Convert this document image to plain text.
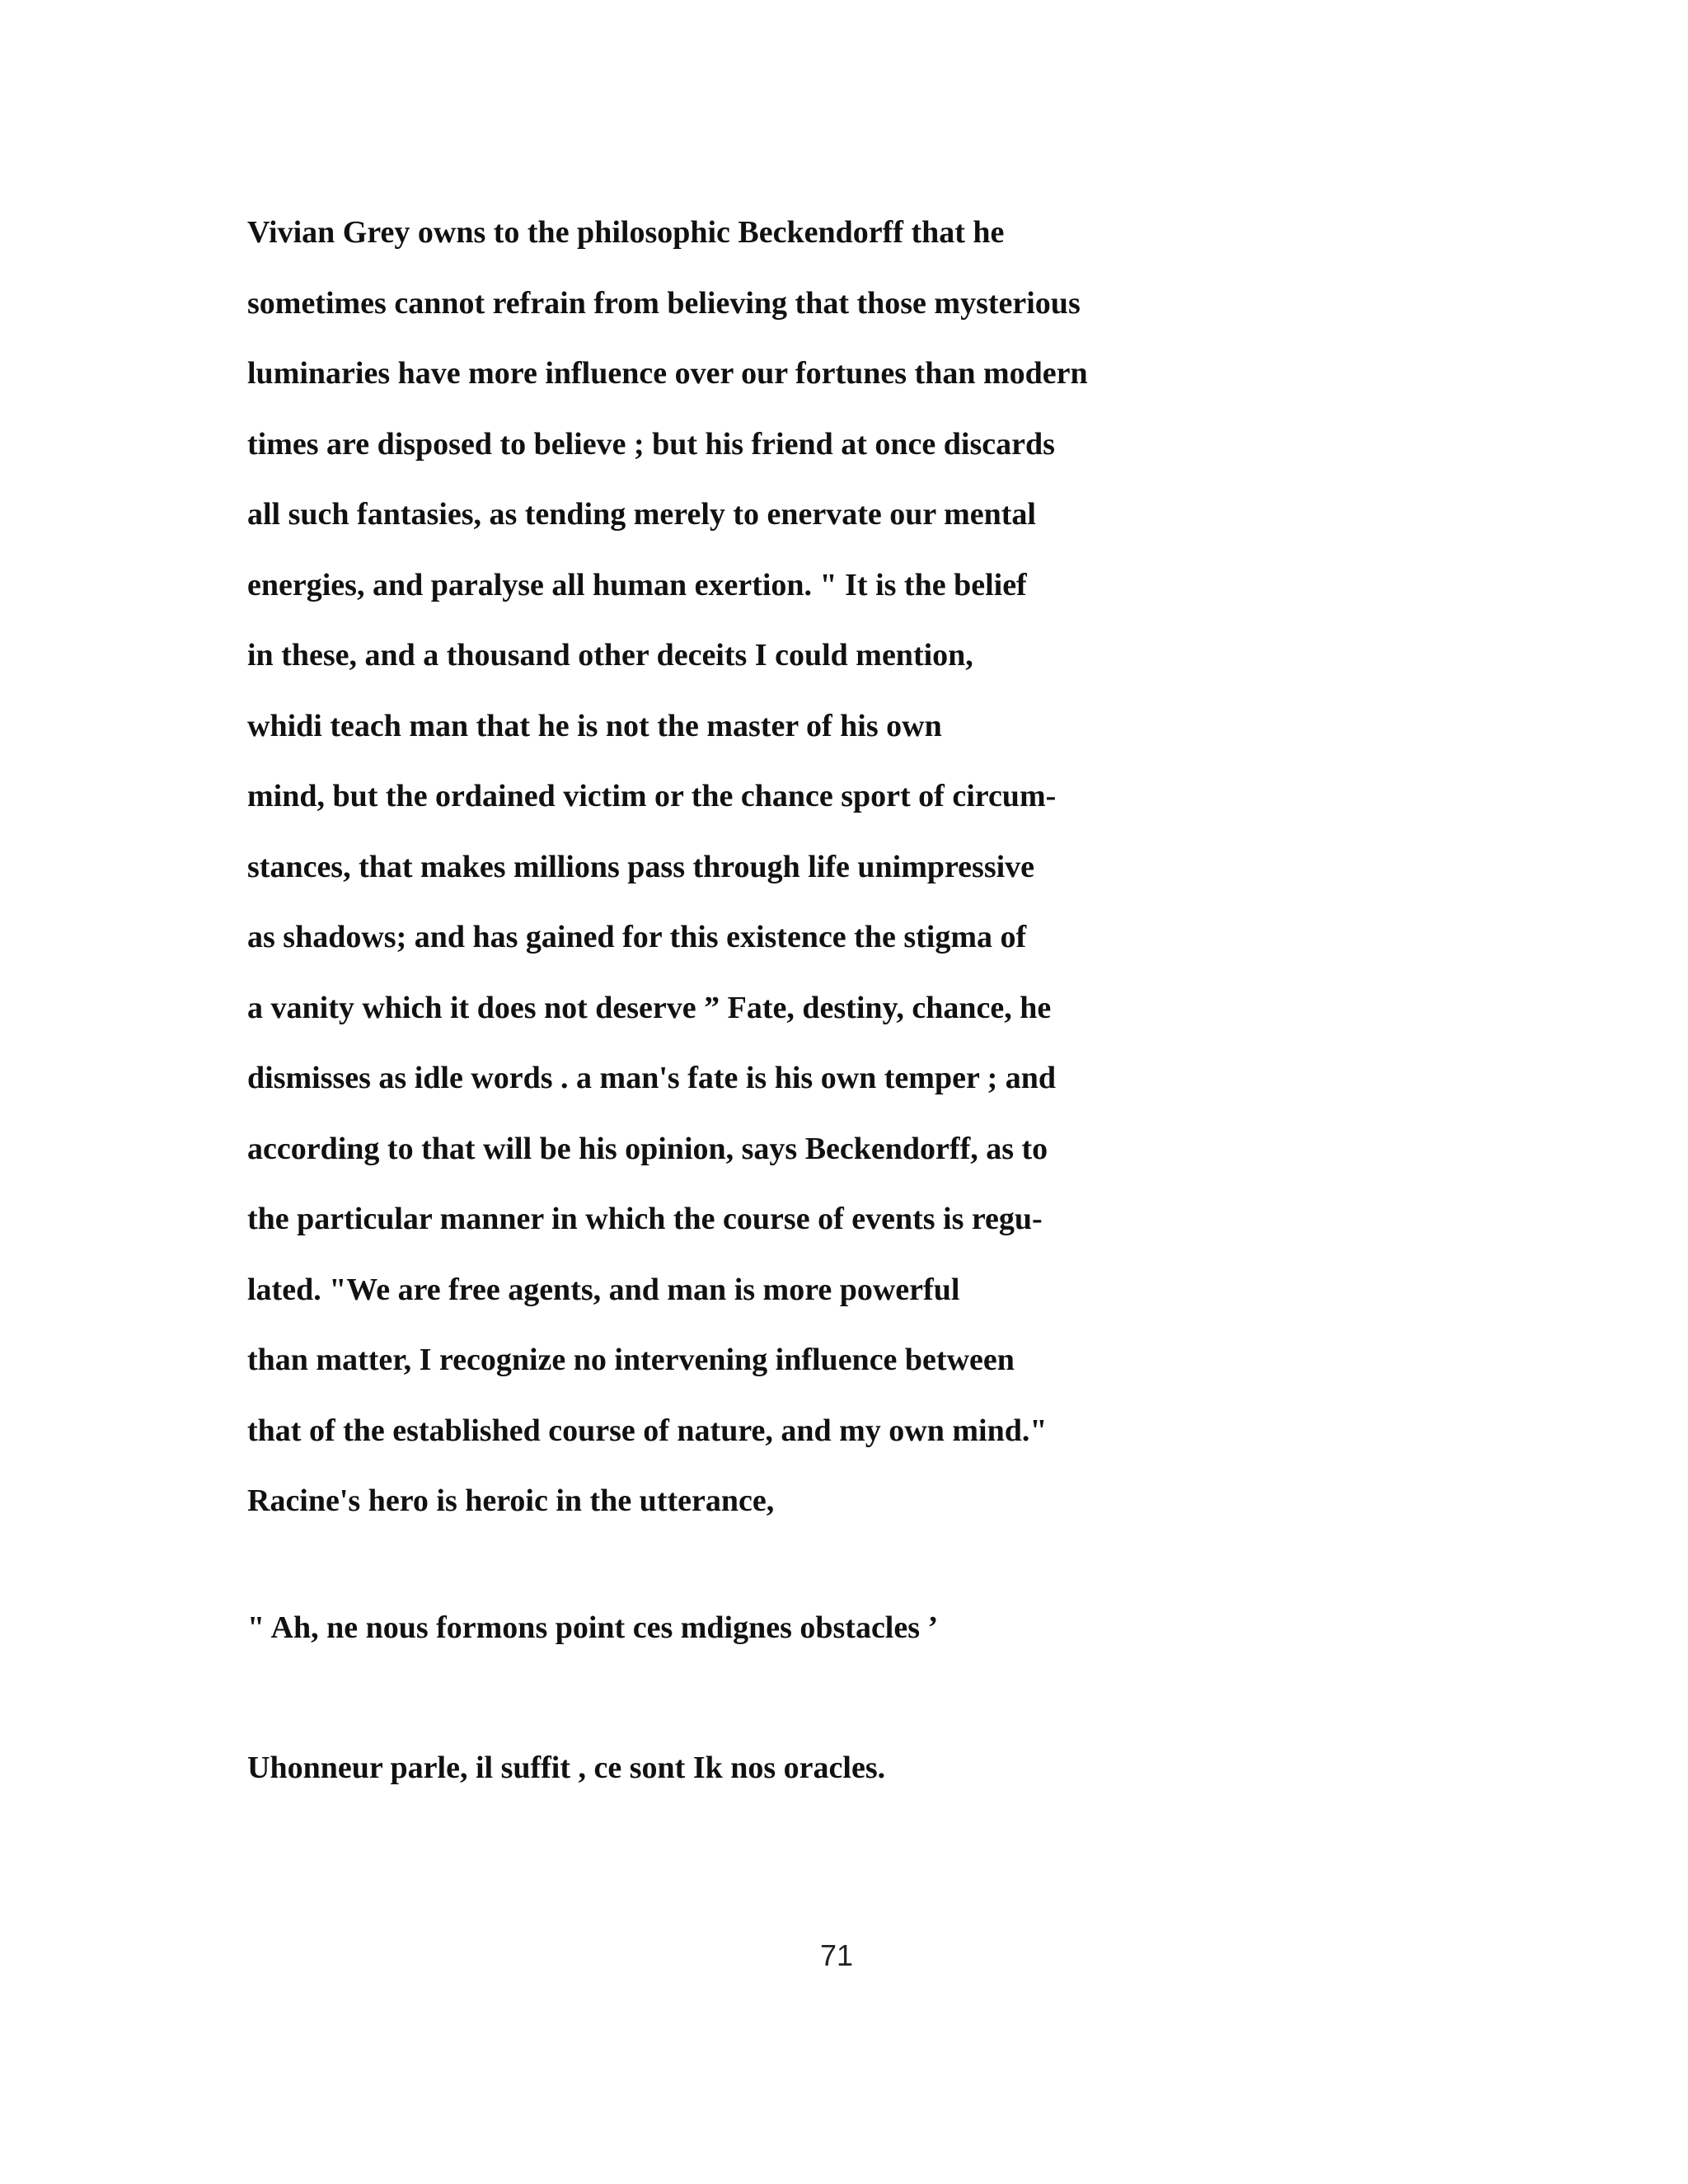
Vivian Grey owns to the philosophic Beckendorff that he
sometimes cannot refrain from believing that those mysterious
luminaries have more influence over our fortunes than modern
times are disposed to believe ; but his friend at once discards
all such fantasies, as tending merely to enervate our mental
energies, and paralyse all human exertion. " It is the belief
in these, and a thousand other deceits I could mention,
whidi teach man that he is not the master of his own
mind, but the ordained victim or the chance sport of circum-
stances, that makes millions pass through life unimpressive
as shadows; and has gained for this existence the stigma of
a vanity which it does not deserve ” Fate, destiny, chance, he
dismisses as idle words . a man's fate is his own temper ; and
according to that will be his opinion, says Beckendorff, as to
the particular manner in which the course of events is regu-
lated. "We are free agents, and man is more powerful
than matter, I recognize no intervening influence between
that of the established course of nature, and my own mind."
Racine's hero is heroic in the utterance,
" Ah, ne nous formons point ces mdignes obstacles ’
Uhonneur parle, il suffit , ce sont Ik nos oracles.
71
